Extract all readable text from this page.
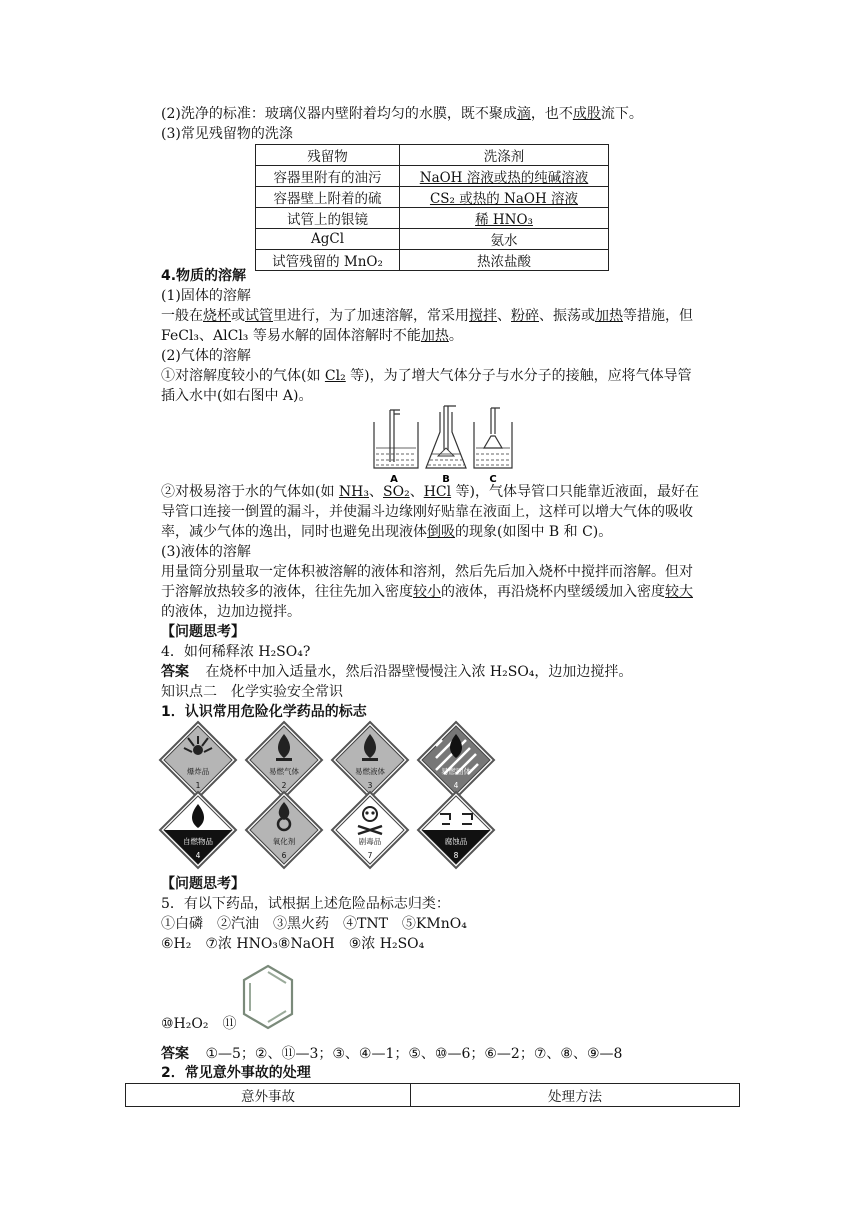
(2)洗净的标准：玻璃仪器内壁附着均匀的水膜，既不聚成滴，也不成股流下。
(3)常见残留物的洗涤
残留物	洗涤剂
容器里附有的油污	NaOH 溶液或热的纯碱溶液
容器壁上附着的硫	CS₂ 或热的 NaOH 溶液
试管上的银镜	稀 HNO₃
AgCl	氨水
试管残留的 MnO₂	热浓盐酸
4.物质的溶解
(1)固体的溶解
一般在烧杯或试管里进行，为了加速溶解，常采用搅拌、粉碎、振荡或加热等措施，但
FeCl₃、AlCl₃ 等易水解的固体溶解时不能加热。
(2)气体的溶解
①对溶解度较小的气体(如 Cl₂ 等)，为了增大气体分子与水分子的接触，应将气体导管
插入水中(如右图中 A)。
A	B	C
②对极易溶于水的气体如(如 NH₃、SO₂、HCl 等)，气体导管口只能靠近液面，最好在
导管口连接一倒置的漏斗，并使漏斗边缘刚好贴靠在液面上，这样可以增大气体的吸收
率，减少气体的逸出，同时也避免出现液体倒吸的现象(如图中 B 和 C)。
(3)液体的溶解
用量筒分别量取一定体积被溶解的液体和溶剂，然后先后加入烧杯中搅拌而溶解。但对
于溶解放热较多的液体，往往先加入密度较小的液体，再沿烧杯内壁缓缓加入密度较大
的液体，边加边搅拌。
【问题思考】
4．如何稀释浓 H₂SO₄?
答案 在烧杯中加入适量水，然后沿器壁慢慢注入浓 H₂SO₄，边加边搅拌。
知识点二　化学实验安全常识
1．认识常用危险化学药品的标志
爆炸品
1
易燃气体
2
易燃液体
3
易燃固体
4
自燃物品
4
氧化剂
6
剧毒品
7
腐蚀品
8
【问题思考】
5．有以下药品，试根据上述危险品标志归类：
①白磷　②汽油　③黑火药　④TNT　⑤KMnO₄
⑥H₂　⑦浓 HNO₃⑧NaOH　⑨浓 H₂SO₄
⑩H₂O₂　⑪
答案 ①—5；②、⑪—3；③、④—1；⑤、⑩—6；⑥—2；⑦、⑧、⑨—8
2．常见意外事故的处理
意外事故	处理方法
